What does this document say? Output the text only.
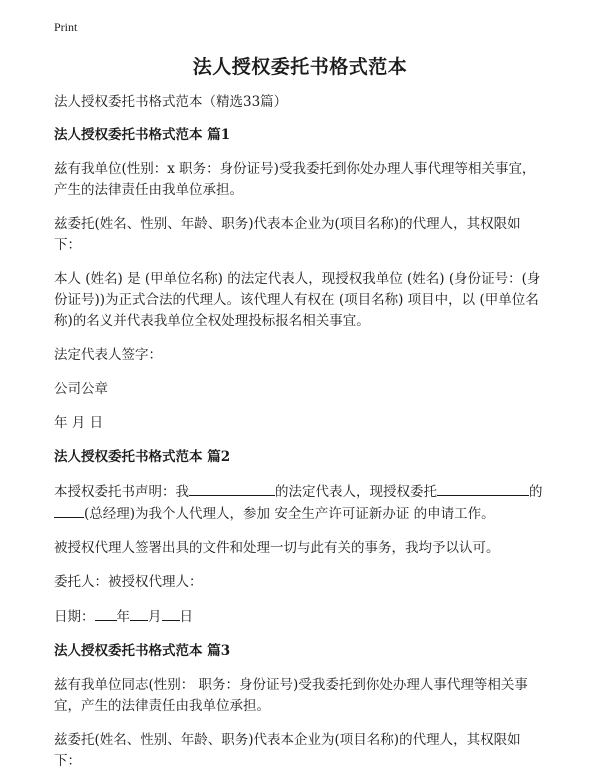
Print
法人授权委托书格式范本

法人授权委托书格式范本（精选33篇）

法人授权委托书格式范本 篇1

兹有我单位(性别：x 职务：身份证号)受我委托到你处办理人事代理等相关事宜，产生的法律责任由我单位承担。

兹委托(姓名、性别、年龄、职务)代表本企业为(项目名称)的代理人，其权限如下：

本人 (姓名) 是 (甲单位名称) 的法定代表人，现授权我单位 (姓名) (身份证号：(身份证号))为正式合法的代理人。该代理人有权在 (项目名称) 项目中，以 (甲单位名称)的名义并代表我单位全权处理投标报名相关事宜。

法定代表人签字：

公司公章

年 月 日

法人授权委托书格式范本 篇2

本授权委托书声明：我	的法定代表人，现授权委托	的
(总经理)为我个人代理人，参加 安全生产许可证新办证 的申请工作。

被授权代理人签署出具的文件和处理一切与此有关的事务，我均予以认可。

委托人：被授权代理人：

日期： 年 月 日

法人授权委托书格式范本 篇3

兹有我单位同志(性别： 职务：身份证号)受我委托到你处办理人事代理等相关事宜，产生的法律责任由我单位承担。

兹委托(姓名、性别、年龄、职务)代表本企业为(项目名称)的代理人，其权限如下：
